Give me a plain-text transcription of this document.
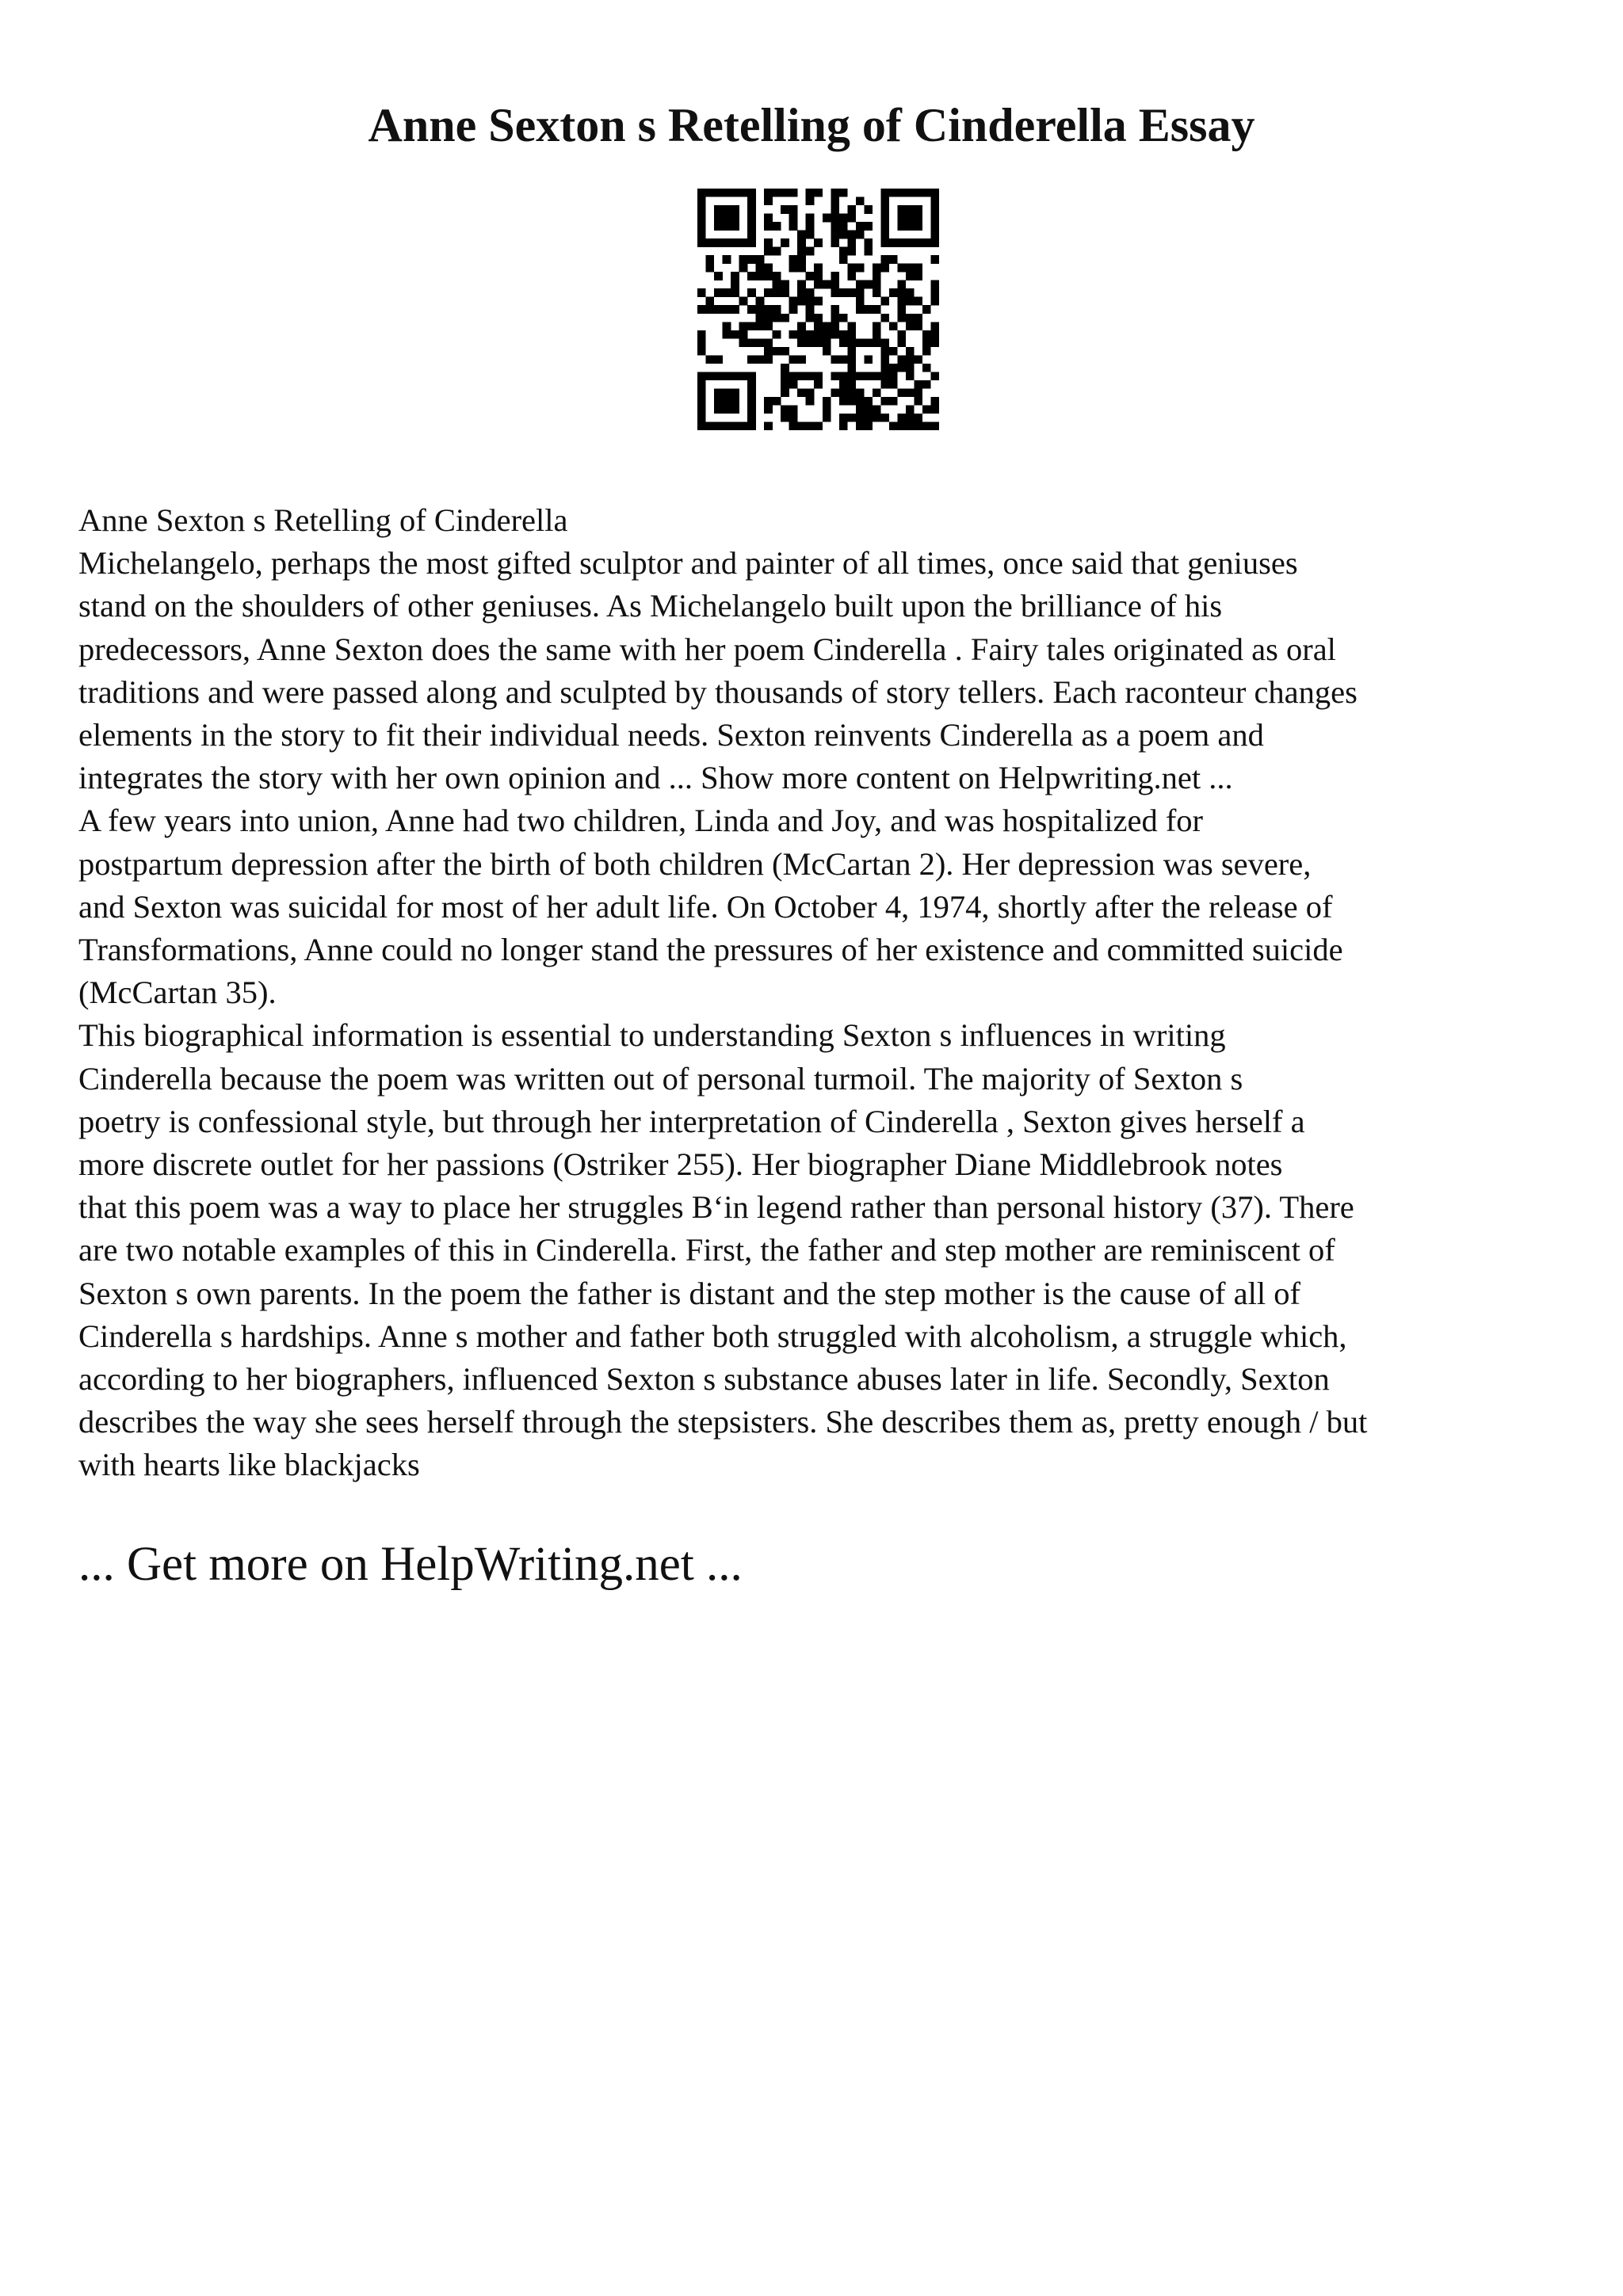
Anne Sexton s Retelling of Cinderella Essay
Anne Sexton s Retelling of Cinderella
Michelangelo, perhaps the most gifted sculptor and painter of all times, once said that geniuses
stand on the shoulders of other geniuses. As Michelangelo built upon the brilliance of his
predecessors, Anne Sexton does the same with her poem Cinderella . Fairy tales originated as oral
traditions and were passed along and sculpted by thousands of story tellers. Each raconteur changes
elements in the story to fit their individual needs. Sexton reinvents Cinderella as a poem and
integrates the story with her own opinion and ... Show more content on Helpwriting.net ...
A few years into union, Anne had two children, Linda and Joy, and was hospitalized for
postpartum depression after the birth of both children (McCartan 2). Her depression was severe,
and Sexton was suicidal for most of her adult life. On October 4, 1974, shortly after the release of
Transformations, Anne could no longer stand the pressures of her existence and committed suicide
(McCartan 35).
This biographical information is essential to understanding Sexton s influences in writing
Cinderella because the poem was written out of personal turmoil. The majority of Sexton s
poetry is confessional style, but through her interpretation of Cinderella , Sexton gives herself a
more discrete outlet for her passions (Ostriker 255). Her biographer Diane Middlebrook notes
that this poem was a way to place her struggles B‘in legend rather than personal history (37). There
are two notable examples of this in Cinderella. First, the father and step mother are reminiscent of
Sexton s own parents. In the poem the father is distant and the step mother is the cause of all of
Cinderella s hardships. Anne s mother and father both struggled with alcoholism, a struggle which,
according to her biographers, influenced Sexton s substance abuses later in life. Secondly, Sexton
describes the way she sees herself through the stepsisters. She describes them as, pretty enough / but
with hearts like blackjacks

... Get more on HelpWriting.net ...
